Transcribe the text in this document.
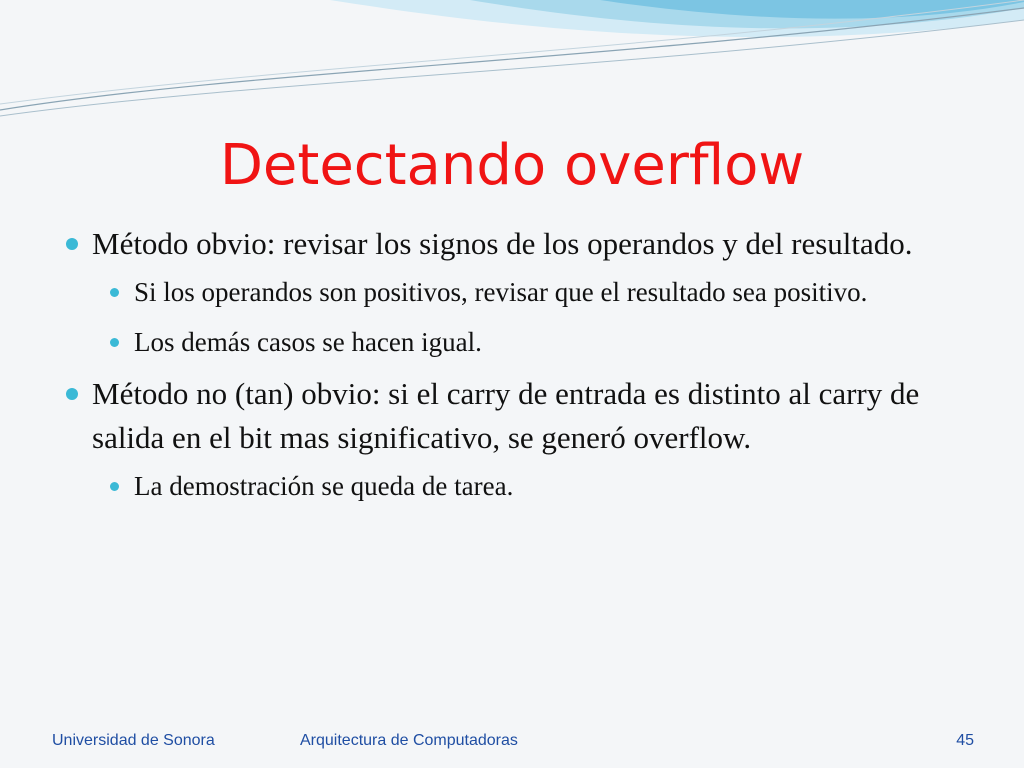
Detectando overflow
Método obvio: revisar los signos de los operandos y del resultado.
Si los operandos son positivos, revisar que el resultado sea positivo.
Los demás casos se hacen igual.
Método no (tan) obvio: si el carry de entrada es distinto al carry de salida en el bit mas significativo, se generó overflow.
La demostración se queda de tarea.
Universidad de Sonora	Arquitectura de Computadoras	45
